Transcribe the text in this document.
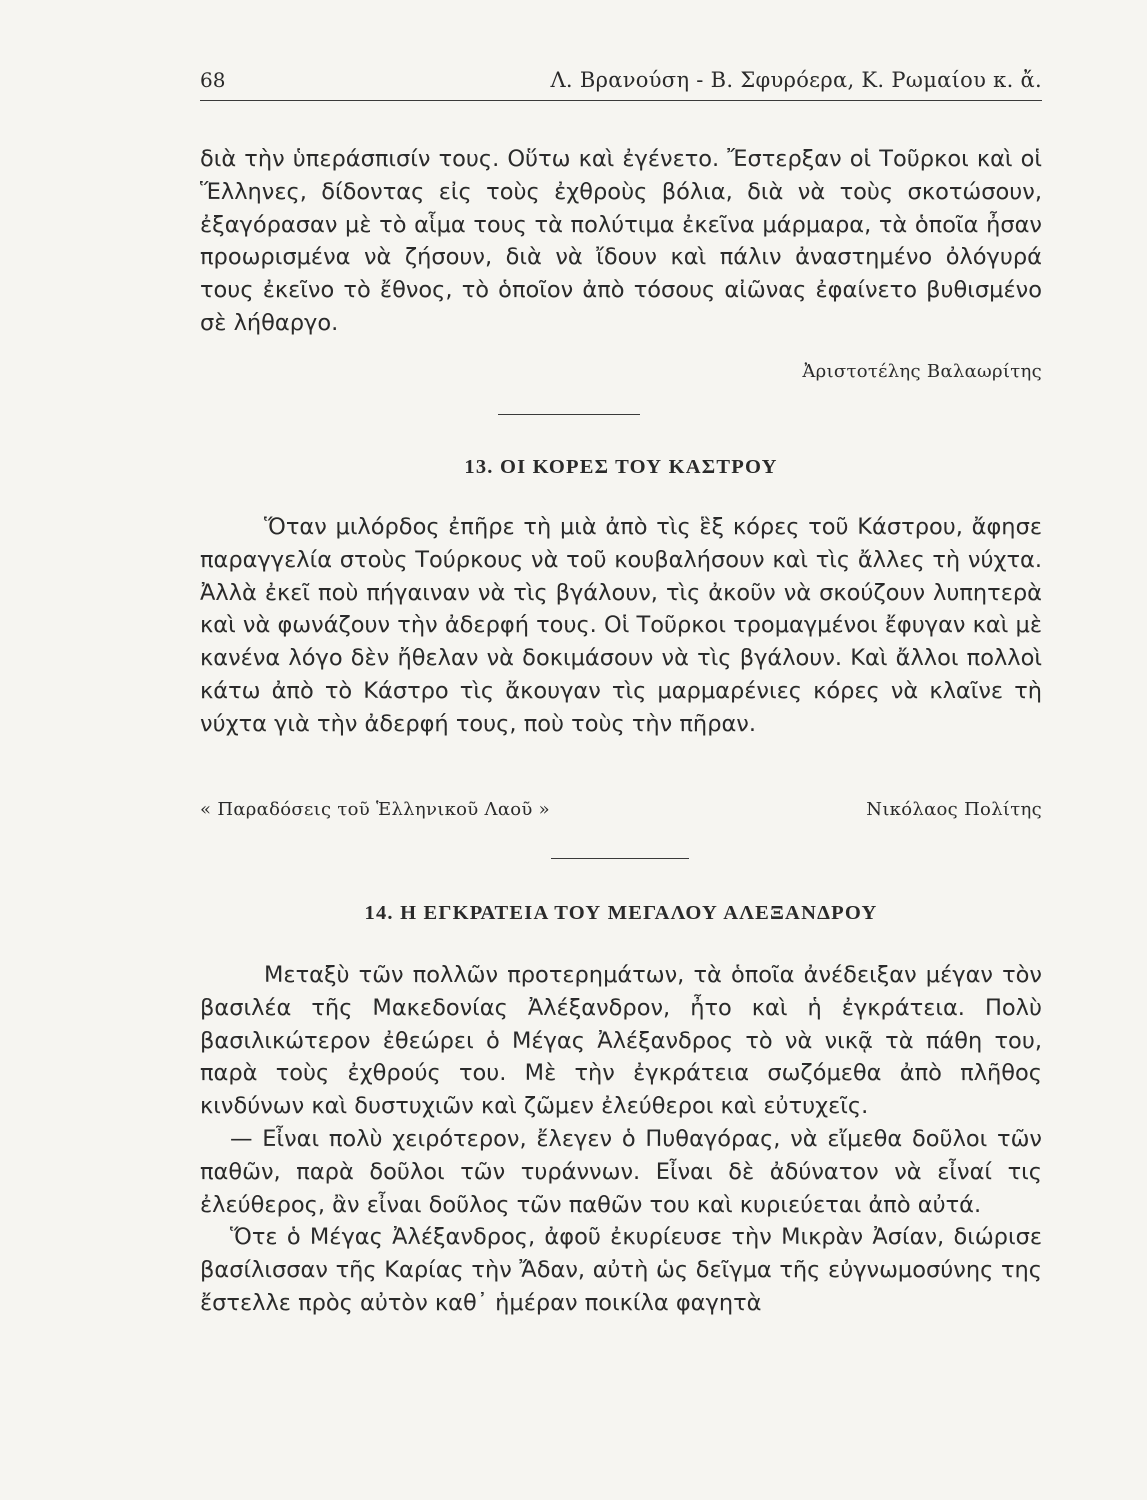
68	Λ. Βρανούση - Β. Σφυρόερα, Κ. Ρωμαίου κ. ἄ.

διὰ τὴν ὑπεράσπισίν τους. Οὕτω καὶ ἐγένετο. Ἔστερξαν οἱ Τοῦρκοι καὶ οἱ Ἕλληνες, δίδοντας εἰς τοὺς ἐχθροὺς βόλια, διὰ νὰ τοὺς σκοτώσουν, ἐξαγόρασαν μὲ τὸ αἷμα τους τὰ πολύτιμα ἐκεῖνα μάρμαρα, τὰ ὁποῖα ἦσαν προωρισμένα νὰ ζήσουν, διὰ νὰ ἴδουν καὶ πάλιν ἀναστημένο ὀλόγυρά τους ἐκεῖνο τὸ ἔθνος, τὸ ὁποῖον ἀπὸ τόσους αἰῶνας ἐφαίνετο βυθισμένο σὲ λήθαργο.

Ἀριστοτέλης Βαλαωρίτης
13. ΟΙ ΚΟΡΕΣ ΤΟΥ ΚΑΣΤΡΟΥ

Ὅταν μιλόρδος ἐπῆρε τὴ μιὰ ἀπὸ τὶς ἓξ κόρες τοῦ Κάστρου, ἄφησε παραγγελία στοὺς Τούρκους νὰ τοῦ κουβαλήσουν καὶ τὶς ἄλλες τὴ νύχτα. Ἀλλὰ ἐκεῖ ποὺ πήγαιναν νὰ τὶς βγάλουν, τὶς ἀκοῦν νὰ σκούζουν λυπητερὰ καὶ νὰ φωνάζουν τὴν ἀδερφή τους. Οἱ Τοῦρκοι τρομαγμένοι ἔφυγαν καὶ μὲ κανένα λόγο δὲν ἤθελαν νὰ δοκιμάσουν νὰ τὶς βγάλουν. Καὶ ἄλλοι πολλοὶ κάτω ἀπὸ τὸ Κάστρο τὶς ἄκουγαν τὶς μαρμαρένιες κόρες νὰ κλαῖνε τὴ νύχτα γιὰ τὴν ἀδερφή τους, ποὺ τοὺς τὴν πῆραν.

« Παραδόσεις τοῦ Ἑλληνικοῦ Λαοῦ »	Νικόλαος Πολίτης
14. Η ΕΓΚΡΑΤΕΙΑ ΤΟΥ ΜΕΓΑΛΟΥ ΑΛΕΞΑΝΔΡΟΥ

Μεταξὺ τῶν πολλῶν προτερημάτων, τὰ ὁποῖα ἀνέδειξαν μέγαν τὸν βασιλέα τῆς Μακεδονίας Ἀλέξανδρον, ἦτο καὶ ἡ ἐγκράτεια. Πολὺ βασιλικώτερον ἐθεώρει ὁ Μέγας Ἀλέξανδρος τὸ νὰ νικᾷ τὰ πάθη του, παρὰ τοὺς ἐχθρούς του. Μὲ τὴν ἐγκράτεια σωζόμεθα ἀπὸ πλῆθος κινδύνων καὶ δυστυχιῶν καὶ ζῶμεν ἐλεύθεροι καὶ εὐτυχεῖς.

— Εἶναι πολὺ χειρότερον, ἔλεγεν ὁ Πυθαγόρας, νὰ εἴμεθα δοῦλοι τῶν παθῶν, παρὰ δοῦλοι τῶν τυράννων. Εἶναι δὲ ἀδύνατον νὰ εἶναί τις ἐλεύθερος, ἂν εἶναι δοῦλος τῶν παθῶν του καὶ κυριεύεται ἀπὸ αὐτά.

Ὅτε ὁ Μέγας Ἀλέξανδρος, ἀφοῦ ἐκυρίευσε τὴν Μικρὰν Ἀσίαν, διώρισε βασίλισσαν τῆς Καρίας τὴν Ἄδαν, αὐτὴ ὡς δεῖγμα τῆς εὐγνωμοσύνης της ἔστελλε πρὸς αὐτὸν καθ᾽ ἡμέραν ποικίλα φαγητὰ
